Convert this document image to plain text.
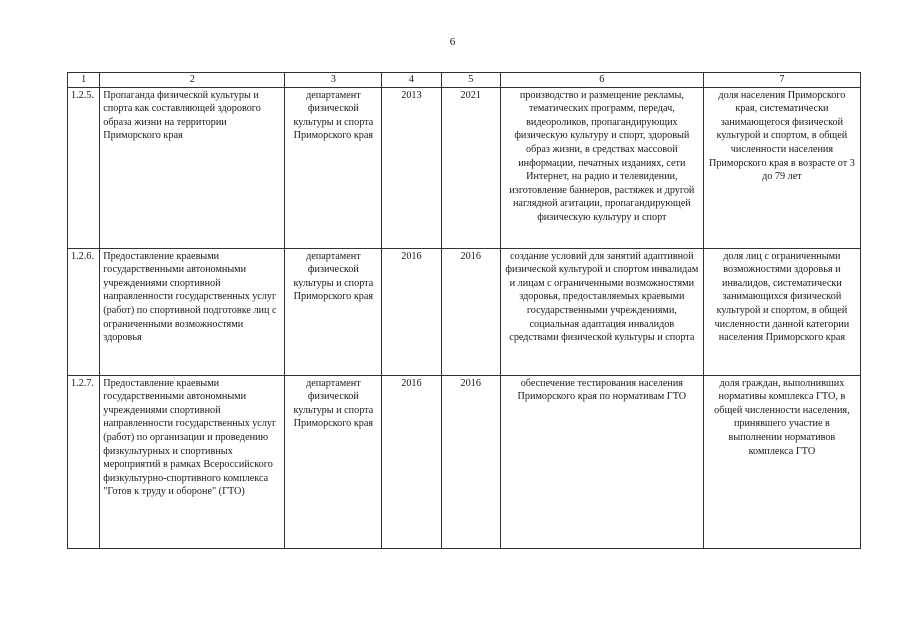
6
1	2	3	4	5	6	7
1.2.5.	Пропаганда физической культуры и спорта как составляющей здорового образа жизни на территории Приморского края	департамент физической культуры и спорта Приморского края	2013	2021	производство и размещение рекламы, тематических программ, передач, видеороликов, пропагандирующих физическую культуру и спорт, здоровый образ жизни, в средствах массовой информации, печатных изданиях, сети Интернет, на радио и телевидении, изготовление баннеров, растяжек и другой наглядной агитации, пропагандирующей физическую культуру и спорт	доля населения Приморского края, систематически занимающегося физической культурой и спортом, в общей численности населения Приморского края в возрасте от 3 до 79 лет
1.2.6.	Предоставление краевыми государственными автономными учреждениями спортивной направленности государственных услуг (работ) по спортивной подготовке лиц с ограниченными возможностями здоровья	департамент физической культуры и спорта Приморского края	2016	2016	создание условий для занятий адаптивной физической культурой и спортом инвалидам и лицам с ограниченными возможностями здоровья, предоставляемых краевыми государственными учреждениями, социальная адаптация инвалидов средствами физической культуры и спорта	доля лиц с ограниченными возможностями здоровья и инвалидов, систематически занимающихся физической культурой и спортом, в общей численности данной категории населения Приморского края
1.2.7.	Предоставление краевыми государственными автономными учреждениями спортивной направленности государственных услуг (работ) по организации и проведению физкультурных и спортивных мероприятий в рамках Всероссийского физкультурно-спортивного комплекса "Готов к труду и обороне" (ГТО)	департамент физической культуры и спорта Приморского края	2016	2016	обеспечение тестирования населения Приморского края по нормативам ГТО	доля граждан, выполнивших нормативы комплекса ГТО, в общей численности населения, принявшего участие в выполнении нормативов комплекса ГТО
